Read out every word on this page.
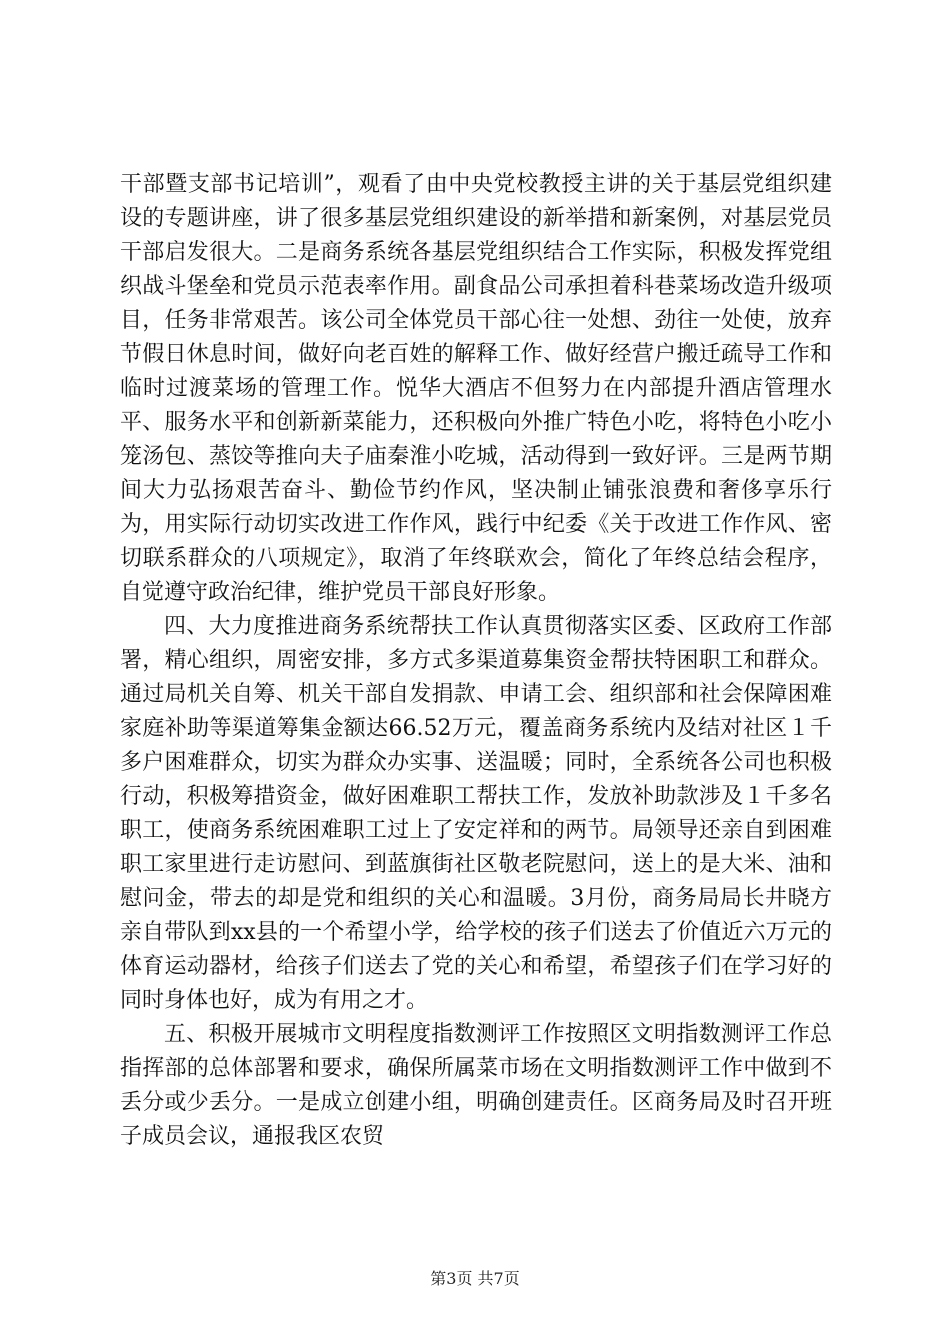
干部暨支部书记培训”，观看了由中央党校教授主讲的关于基层党组织建设的专题讲座，讲了很多基层党组织建设的新举措和新案例，对基层党员干部启发很大。二是商务系统各基层党组织结合工作实际，积极发挥党组织战斗堡垒和党员示范表率作用。副食品公司承担着科巷菜场改造升级项目，任务非常艰苦。该公司全体党员干部心往一处想、劲往一处使，放弃节假日休息时间，做好向老百姓的解释工作、做好经营户搬迁疏导工作和临时过渡菜场的管理工作。悦华大酒店不但努力在内部提升酒店管理水平、服务水平和创新新菜能力，还积极向外推广特色小吃，将特色小吃小笼汤包、蒸饺等推向夫子庙秦淮小吃城，活动得到一致好评。三是两节期间大力弘扬艰苦奋斗、勤俭节约作风，坚决制止铺张浪费和奢侈享乐行为，用实际行动切实改进工作作风，践行中纪委《关于改进工作作风、密切联系群众的八项规定》，取消了年终联欢会，简化了年终总结会程序，自觉遵守政治纪律，维护党员干部良好形象。

四、大力度推进商务系统帮扶工作认真贯彻落实区委、区政府工作部署，精心组织，周密安排，多方式多渠道募集资金帮扶特困职工和群众。通过局机关自筹、机关干部自发捐款、申请工会、组织部和社会保障困难家庭补助等渠道筹集金额达66.52万元，覆盖商务系统内及结对社区１千多户困难群众，切实为群众办实事、送温暖；同时，全系统各公司也积极行动，积极筹措资金，做好困难职工帮扶工作，发放补助款涉及１千多名职工，使商务系统困难职工过上了安定祥和的两节。局领导还亲自到困难职工家里进行走访慰问、到蓝旗街社区敬老院慰问，送上的是大米、油和慰问金，带去的却是党和组织的关心和温暖。3月份，商务局局长井晓方亲自带队到xx县的一个希望小学，给学校的孩子们送去了价值近六万元的体育运动器材，给孩子们送去了党的关心和希望，希望孩子们在学习好的同时身体也好，成为有用之才。

五、积极开展城市文明程度指数测评工作按照区文明指数测评工作总指挥部的总体部署和要求，确保所属菜市场在文明指数测评工作中做到不丢分或少丢分。一是成立创建小组，明确创建责任。区商务局及时召开班子成员会议，通报我区农贸

第3页 共7页
